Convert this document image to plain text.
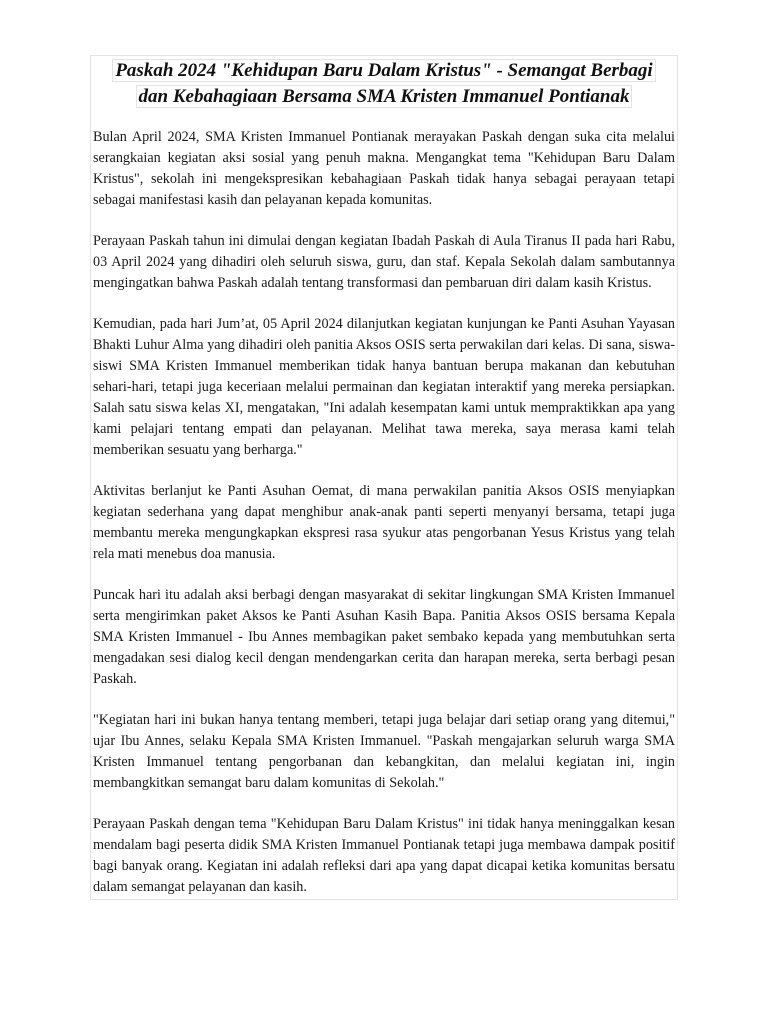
Paskah 2024 "Kehidupan Baru Dalam Kristus" - Semangat Berbagi
dan Kebahagiaan Bersama SMA Kristen Immanuel Pontianak

Bulan April 2024, SMA Kristen Immanuel Pontianak merayakan Paskah dengan suka cita melalui serangkaian kegiatan aksi sosial yang penuh makna. Mengangkat tema "Kehidupan Baru Dalam Kristus", sekolah ini mengekspresikan kebahagiaan Paskah tidak hanya sebagai perayaan tetapi sebagai manifestasi kasih dan pelayanan kepada komunitas.

Perayaan Paskah tahun ini dimulai dengan kegiatan Ibadah Paskah di Aula Tiranus II pada hari Rabu, 03 April 2024 yang dihadiri oleh seluruh siswa, guru, dan staf. Kepala Sekolah dalam sambutannya mengingatkan bahwa Paskah adalah tentang transformasi dan pembaruan diri dalam kasih Kristus.

Kemudian, pada hari Jum’at, 05 April 2024 dilanjutkan kegiatan kunjungan ke Panti Asuhan Yayasan Bhakti Luhur Alma yang dihadiri oleh panitia Aksos OSIS serta perwakilan dari kelas. Di sana, siswa-siswi SMA Kristen Immanuel memberikan tidak hanya bantuan berupa makanan dan kebutuhan sehari-hari, tetapi juga keceriaan melalui permainan dan kegiatan interaktif yang mereka persiapkan. Salah satu siswa kelas XI, mengatakan, "Ini adalah kesempatan kami untuk mempraktikkan apa yang kami pelajari tentang empati dan pelayanan. Melihat tawa mereka, saya merasa kami telah memberikan sesuatu yang berharga."

Aktivitas berlanjut ke Panti Asuhan Oemat, di mana perwakilan panitia Aksos OSIS menyiapkan kegiatan sederhana yang dapat menghibur anak-anak panti seperti menyanyi bersama, tetapi juga membantu mereka mengungkapkan ekspresi rasa syukur atas pengorbanan Yesus Kristus yang telah rela mati menebus doa manusia.

Puncak hari itu adalah aksi berbagi dengan masyarakat di sekitar lingkungan SMA Kristen Immanuel serta mengirimkan paket Aksos ke Panti Asuhan Kasih Bapa. Panitia Aksos OSIS bersama Kepala SMA Kristen Immanuel - Ibu Annes membagikan paket sembako kepada yang membutuhkan serta mengadakan sesi dialog kecil dengan mendengarkan cerita dan harapan mereka, serta berbagi pesan Paskah.

"Kegiatan hari ini bukan hanya tentang memberi, tetapi juga belajar dari setiap orang yang ditemui," ujar Ibu Annes, selaku Kepala SMA Kristen Immanuel. "Paskah mengajarkan seluruh warga SMA Kristen Immanuel tentang pengorbanan dan kebangkitan, dan melalui kegiatan ini, ingin membangkitkan semangat baru dalam komunitas di Sekolah."

Perayaan Paskah dengan tema "Kehidupan Baru Dalam Kristus" ini tidak hanya meninggalkan kesan mendalam bagi peserta didik SMA Kristen Immanuel Pontianak tetapi juga membawa dampak positif bagi banyak orang. Kegiatan ini adalah refleksi dari apa yang dapat dicapai ketika komunitas bersatu dalam semangat pelayanan dan kasih.
